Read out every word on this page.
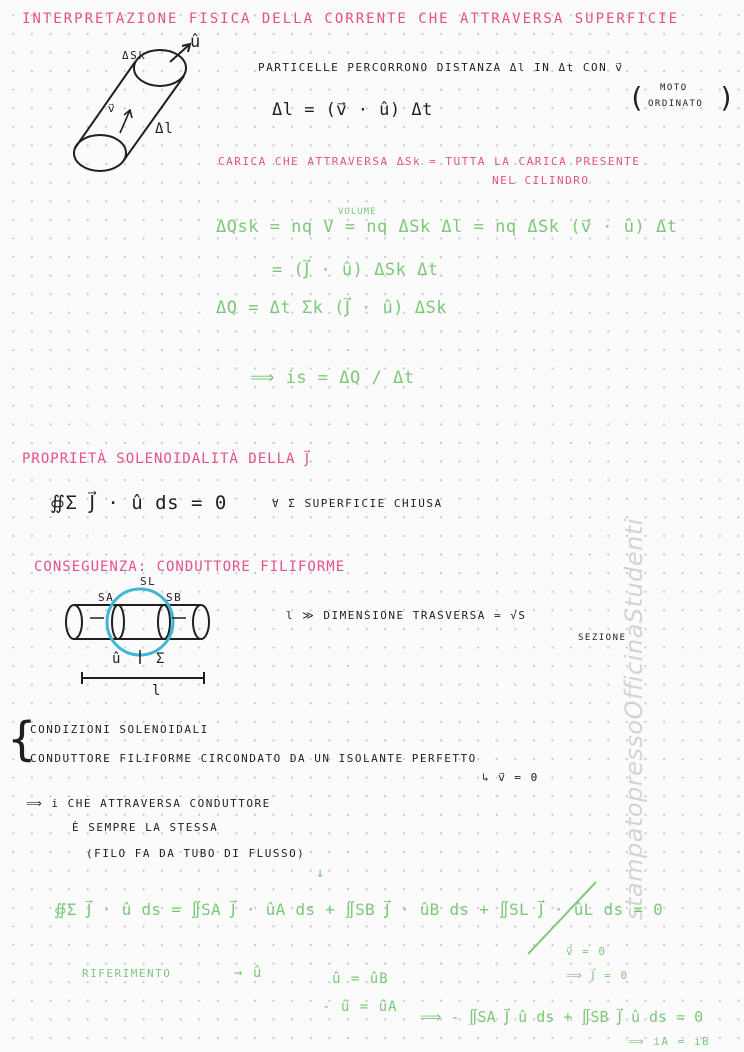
stampatopressoOfficinaStudenti
INTERPRETAZIONE FISICA DELLA CORRENTE CHE ATTRAVERSA SUPERFICIE
ΔSk
û
v⃗
Δl
PARTICELLE PERCORRONO DISTANZA Δl IN Δt CON v⃗
MOTO
ORDINATO
(	)
Δl = (v⃗ · û) Δt
CARICA CHE ATTRAVERSA ΔSk = TUTTA LA CARICA PRESENTE
NEL CILINDRO
VOLUME
ΔQsk = nq V = nq ΔSk Δl = nq ΔSk (v⃗ · û) Δt
= (J⃗ · û) ΔSk Δt
ΔQ = Δt Σk (J⃗ · û) ΔSk
⟹ is = ΔQ / Δt
PROPRIETÀ SOLENOIDALITÀ DELLA J⃗
∯Σ J⃗ · û ds = 0	∀ Σ SUPERFICIE CHIUSA
CONSEGUENZA: CONDUTTORE FILIFORME
SA	SB
SL
û Σ
l
l ≫ DIMENSIONE TRASVERSA ≃ √S
SEZIONE
{
CONDIZIONI SOLENOIDALI
CONDUTTORE FILIFORME CIRCONDATO DA UN ISOLANTE PERFETTO
↳ v⃗ = 0
⟹ i CHE ATTRAVERSA CONDUTTORE
È SEMPRE LA STESSA
(FILO FA DA TUBO DI FLUSSO)
↓
∯Σ J⃗ · û ds = ∬SA J⃗ · ûA ds + ∬SB J⃗ · ûB ds + ∬SL J⃗ · ûL ds = 0
v⃗ = 0
⟹ J⃗ = 0
RIFERIMENTO	→ û	û = ûB
- û = ûA
⟹ - ∬SA J⃗ û ds + ∬SB J⃗ û ds = 0
⟹ iA = iB
